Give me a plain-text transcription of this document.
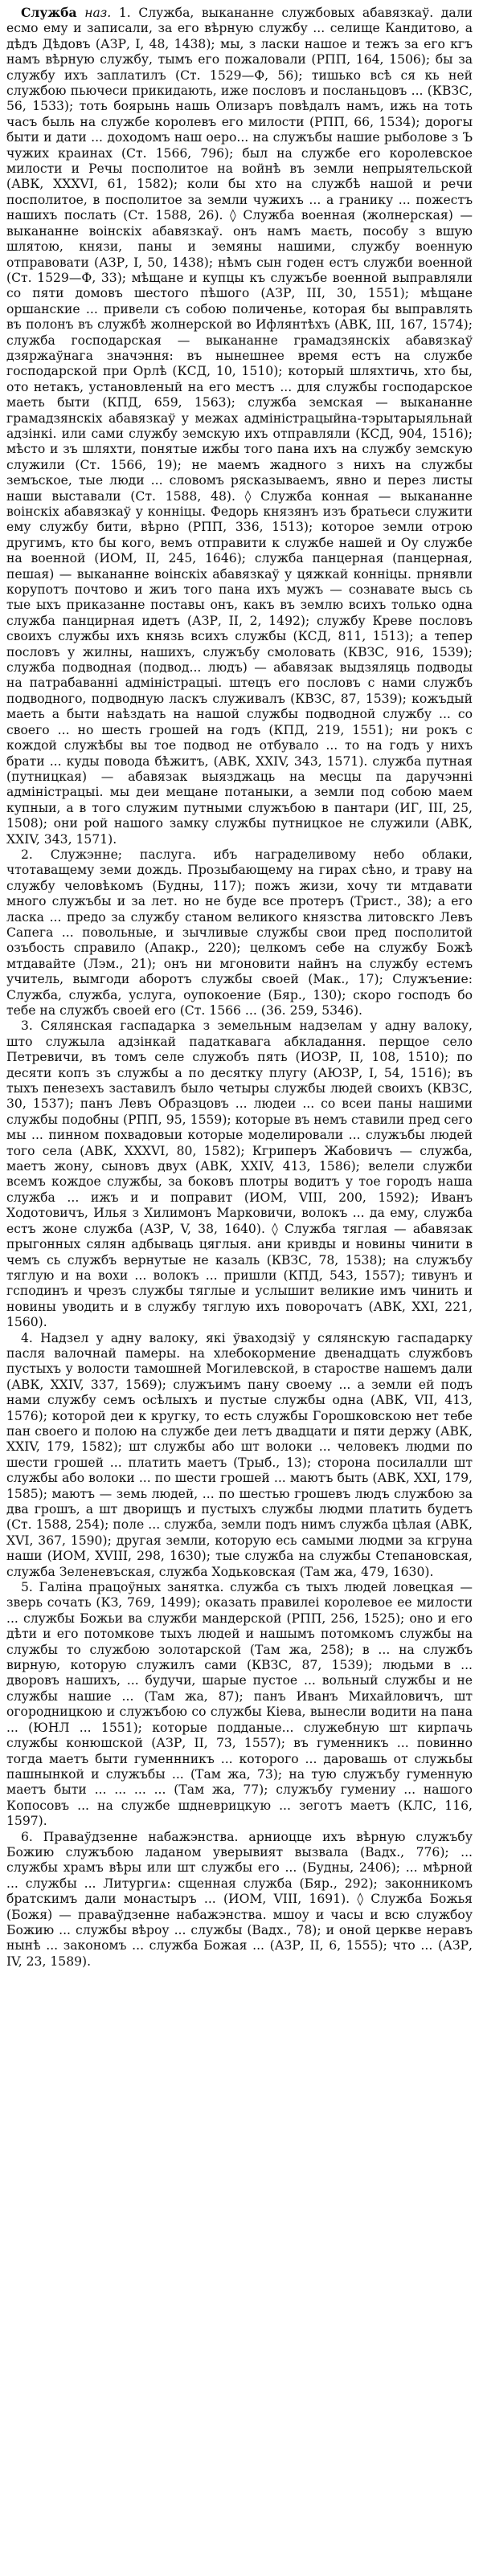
Служба наз. 1. Служба, выкананне службовых абавязкаў. дали есмо ему и записали, за его вѣрную службу ... селище Кандитово, а дѣдъ Дѣдовъ (АЗР, І, 48, 1438); мы, з ласки нашое и тежъ за его кгъ намъ вѣрную службу, тымъ его пожаловали (РПП, 164, 1506); бы за службу ихъ заплатилъ (Ст. 1529—Ф, 56); тишько всѣ ся кь ней службою пьючеси прикидають, иже пословъ и посланьцовъ ... (КВЗС, 56, 1533); тоть боярынь нашь Олизаръ повѣдалъ намъ, ижь на тоть часъ быль на службе королевъ его милости (РПП, 66, 1534); дорогы быти и дати ... доходомъ наш оеро... на служъбы нашие рыболове з Ъ чужих краинах (Ст. 1566, 796); был на службе его королевское милости и Речы посполитое на войнѣ въ земли непрыятельской (АВК, XXXVI, 61, 1582); коли бы хто на службѣ нашой и речи посполитое, в посполитое за земли чужихъ ... а гранику ... пожестъ нашихъ послать (Ст. 1588, 26). ◊ Служба военная (жолнерская) — выкананне воінскіх абавязкаў. онъ намъ маєть, пособу з вшую шлятою, князи, паны и земяны нашими, службу военную отправовати (АЗР, І, 50, 1438); нѣмъ сын годен естъ служби военной (Ст. 1529—Ф, 33); мѣщане и купцы къ служъбе военной выправляли со пяти домовъ шестого пѣшого (АЗР, ІІІ, 30, 1551); мѣщане оршанские ... привели съ собою поличенье, которая бы выправлять въ полонъ въ службѣ жолнерской во Ифлянтѣхъ (АВК, ІІІ, 167, 1574); служба господарская — выкананне грамадзянскіх абавязкаў дзяржаўнага значэння: въ нынешнее время естъ на службе господарской при Орлѣ (КСД, 10, 1510); который шляхтичь, хто бы, ото нетакъ, установленый на его местъ ... для службы господарское маеть быти (КПД, 659, 1563); служба земская — выкананне грамадзянскіх абавязкаў у межах адміністрацыйна-тэрытарыяльнай адзінкі. или сами службу земскую ихъ отправляли (КСД, 904, 1516); мѣсто и зъ шляхти, понятые ижбы того пана ихъ на службу земскую служили (Ст. 1566, 19); не маемъ жадного з нихъ на службы земъское, тые люди ... словомъ рясказываемъ, явно и перез листы наши выставали (Ст. 1588, 48). ◊ Служба конная — выкананне воінскіх абавязкаў у коннiцы. Федорь князянъ изъ братьеси служити ему службу бити, вѣрно (РПП, 336, 1513); которое земли отрою другимъ, кто бы кого, вемъ отправити к службе нашей и Оу службе на военной (ИОМ, ІІ, 245, 1646); служба панцерная (панцерная, пешая) — выкананне воінскіх абавязкаў у цяжкай коннiцы. прнявли корупотъ почтово и жиъ того пана ихъ мужъ — сознавате высь сь тые ыхъ приказанне поставы онъ, какъ въ землю всихъ только одна служба панцирная идетъ (АЗР, ІІ, 2, 1492); службу Креве пословъ своихъ службы ихъ князь всихъ службы (КСД, 811, 1513); а тепер пословъ у жилны, нашихъ, служъбу смоловать (КВЗС, 916, 1539); служба подводная (подвод... людъ) — абавязак выдзяляць подводы на патрабаванні адміністрацыі. штецъ его пословъ с нами службъ подводного, подводную ласкъ служивалъ (КВЗС, 87, 1539); кожъдый маеть а быти наѣздать на нашой службы подводной службу ... со своего ... но шесть грошей на годъ (КПД, 219, 1551); ни рокъ с кождой служѣбы вы тое подвод не отбувало ... то на годъ у нихъ брати ... куды повода бѣжитъ, (АВК, ХХІV, 343, 1571). служба путная (путницкая) — абавязак выязджаць на месцы па даручэнні адміністрацыі. мы деи мещане потаныки, а земли под собою маем купныи, а в того служим путными служъбою в пантари (ИГ, ІІІ, 25, 1508); они рой нашого замку службы путницкое не служили (АВК, ХХІV, 343, 1571).

2. Служэнне; паслуга. ибъ награделивому небо облаки, чтотаващему земи дождь. Прозыбающему на гирах сѣно, и траву на службу человѣкомъ (Будны, 117); пожъ жизи, хочу ти мтдавати много служъбы и за лет. но не буде все протеръ (Трист., 38); а его ласка ... предо за службу станом великого князства литовскго Левъ Сапега ... повольные, и зычливые службы свои пред посполитой озъбость справило (Апакр., 220); целкомъ себе на службу Божѣ мтдавайте (Лэм., 21); онъ ни мгоновити найнъ на службу естемъ учитель, вымгоди аборотъ службы своей (Мак., 17); Служъение: Служба, служба, услуга, оупокоение (Бяр., 130); скоро господъ бо тебе на службъ своей его (Ст. 1566 ... (36. 259, 5346).

3. Сялянская гаспадарка з земельным надзелам у адну валоку, што служыла адзінкай падаткавага абкладання. перщое село Петревичи, въ томъ селе служобъ пять (ИОЗР, ІІ, 108, 1510); по десяти копъ зъ службы а по десятку плугу (АЮЗР, І, 54, 1516); въ тыхъ пенезехъ заставилъ было четыры службы людей своихъ (КВЗС, 30, 1537); панъ Левъ Образцовъ ... людеи ... со всеи паны нашими службы подобны (РПП, 95, 1559); которые въ немъ ставили пред сего мы ... пинном похвадовыи которые моделировали ... служъбы людей того села (АВК, ХХХVІ, 80, 1582); Кгриперъ Жабовичъ — служба, маетъ жону, сыновъ двух (АВК, ХХІV, 413, 1586); велели служби всемъ кождое службы, за боковъ плотры водитъ у тое городъ наша служба ... ижъ и и поправит (ИОМ, VІІІ, 200, 1592); Иванъ Ходотовичъ, Илья з Хилимонъ Марковичи, волокъ ... да ему, служба естъ жоне служба (АЗР, V, 38, 1640). ◊ Служба тяглая — абавязак прыгонных сялян адбываць цяглыя. ани кривды и новины чинити в чемъ сь службъ вернутые не казаль (КВЗС, 78, 1538); на служъбу тяглую и на вохи ... волокъ ... пришли (КПД, 543, 1557); тивунъ и гсподинъ и чрезъ службы тяглые и услышит великие имъ чинить и новины уводить и в службу тяглую ихъ поворочатъ (АВК, ХХІ, 221, 1560).

4. Надзел у адну валоку, які ўваходзіў у сялянскую гаспадарку пасля валочнай памеры. на хлебокормение двенадцать службовъ пустыхъ у волости тамошней Могилевской, в старостве нашемъ дали (АВК, ХХІV, 337, 1569); служъимъ пану своему ... а земли ей подъ нами службу семъ осѣлыхъ и пустые службы одна (АВК, VІІ, 413, 1576); которой деи к кругку, то есть службы Горошковскою нет тебе пан своего и полою на службе деи летъ двадцати и пяти держу (АВК, ХХІV, 179, 1582); шт службы або шт волоки ... человекъ людми по шести грошей ... платить маетъ (Трыб., 13); сторона посилалли шт службы або волоки ... по шести грошей ... маютъ быть (АВК, ХХІ, 179, 1585); маютъ — земь людей, ... по шестью грошевъ людъ службою за два грошъ, а шт дворищъ и пустыхъ службы людми платить будетъ (Ст. 1588, 254); поле ... служба, земли подъ нимъ служба цѣлая (АВК, ХVІ, 367, 1590); другая земли, которую есь самыми людми за кгруна наши (ИОМ, ХVІІІ, 298, 1630); тые служба на службы Степановская, служба Зеленевъская, служба Ходьковская (Там жа, 479, 1630).

5. Галіна працоўных занятка. служба съ тыхъ людей ловецкая — зверь сочать (КЗ, 769, 1499); оказать правилеі королевое ее милости ... службы Божьи ва служби мандерской (РПП, 256, 1525); оно и его дѣти и его потомкове тыхъ людей и нашымъ потомкомъ службы на службы то службою золотарской (Там жа, 258); в ... на службъ вирную, которую служилъ сами (КВЗС, 87, 1539); людьми в ... дворовъ нашихъ, ... будучи, шарые пустое ... вольный службы и не службы нашие ... (Там жа, 87); панъ Иванъ Михайловичъ, шт огородницкою и служъбою со службы Кіева, вынесли водити на пана ... (ЮНЛ ... 1551); которые подданые... служебную шт кирпачь службы конюшской (АЗР, ІІ, 73, 1557); въ гуменникъ ... повинно тогда маетъ быти гуменнникъ ... которого ... даровашь от служьбы пашнынкой и служъбы ... (Там жа, 73); на тую служъбу гуменную маетъ быти ... ... ... ... (Там жа, 77); служъбу гумениу ... нашого Копосовъ ... на службе шдневрицкую ... зеготъ маетъ (КЛС, 116, 1597).

6. Праваўдзенне набажэнства. арниоцце ихъ вѣрную служъбу Божию служъбою ладаном уверывият вызвала (Вадх., 776); ... службы храмъ вѣры или шт службы его ... (Будны, 2406); ... мѣрной ... службы ... Литургиѧ: сщенная служба (Бяр., 292); законникомъ братскимъ дали монастыръ ... (ИОМ, VІІІ, 1691). ◊ Служба Божья (Божя) — праваўдзенне набажэнства. мшоу и часы и всю службоу Божию ... службы вѣроу ... службы (Вадх., 78); и оной церкве неравъ нынѣ ... закономъ ... служба Божая ... (АЗР, ІІ, 6, 1555); что ... (АЗР, ІV, 23, 1589).
